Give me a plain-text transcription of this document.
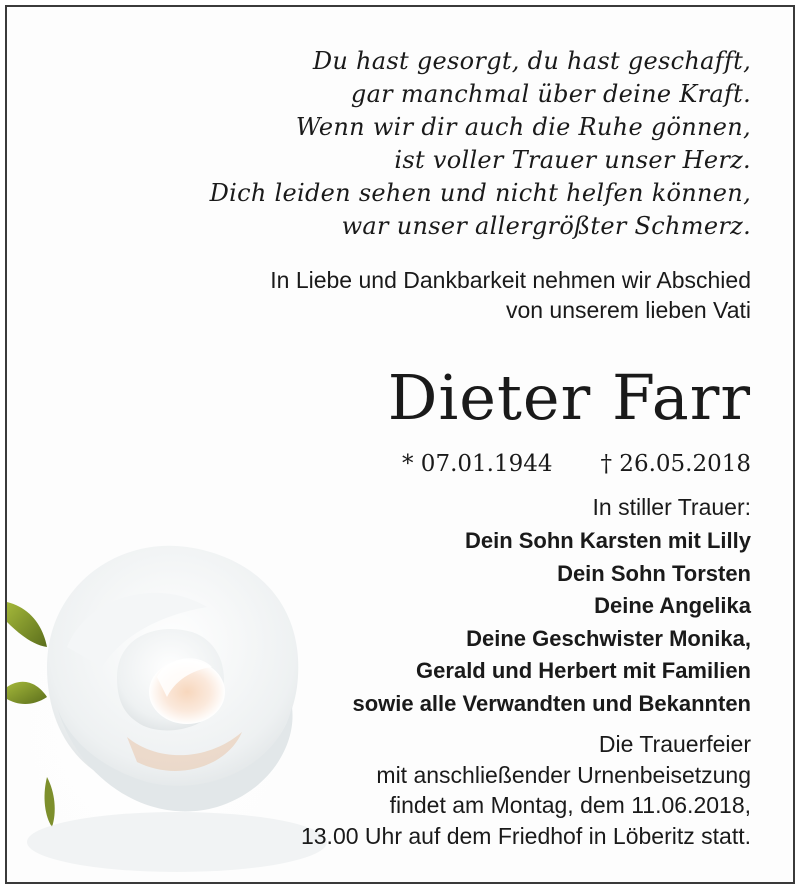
Du hast gesorgt, du hast geschafft,
gar manchmal über deine Kraft.
Wenn wir dir auch die Ruhe gönnen,
ist voller Trauer unser Herz.
Dich leiden sehen und nicht helfen können,
war unser allergrößter Schmerz.
In Liebe und Dankbarkeit nehmen wir Abschied
von unserem lieben Vati
Dieter Farr
* 07.01.1944 † 26.05.2018
In stiller Trauer:
Dein Sohn Karsten mit Lilly
Dein Sohn Torsten
Deine Angelika
Deine Geschwister Monika,
Gerald und Herbert mit Familien
sowie alle Verwandten und Bekannten
Die Trauerfeier
mit anschließender Urnenbeisetzung
findet am Montag, dem 11.06.2018,
13.00 Uhr auf dem Friedhof in Löberitz statt.
